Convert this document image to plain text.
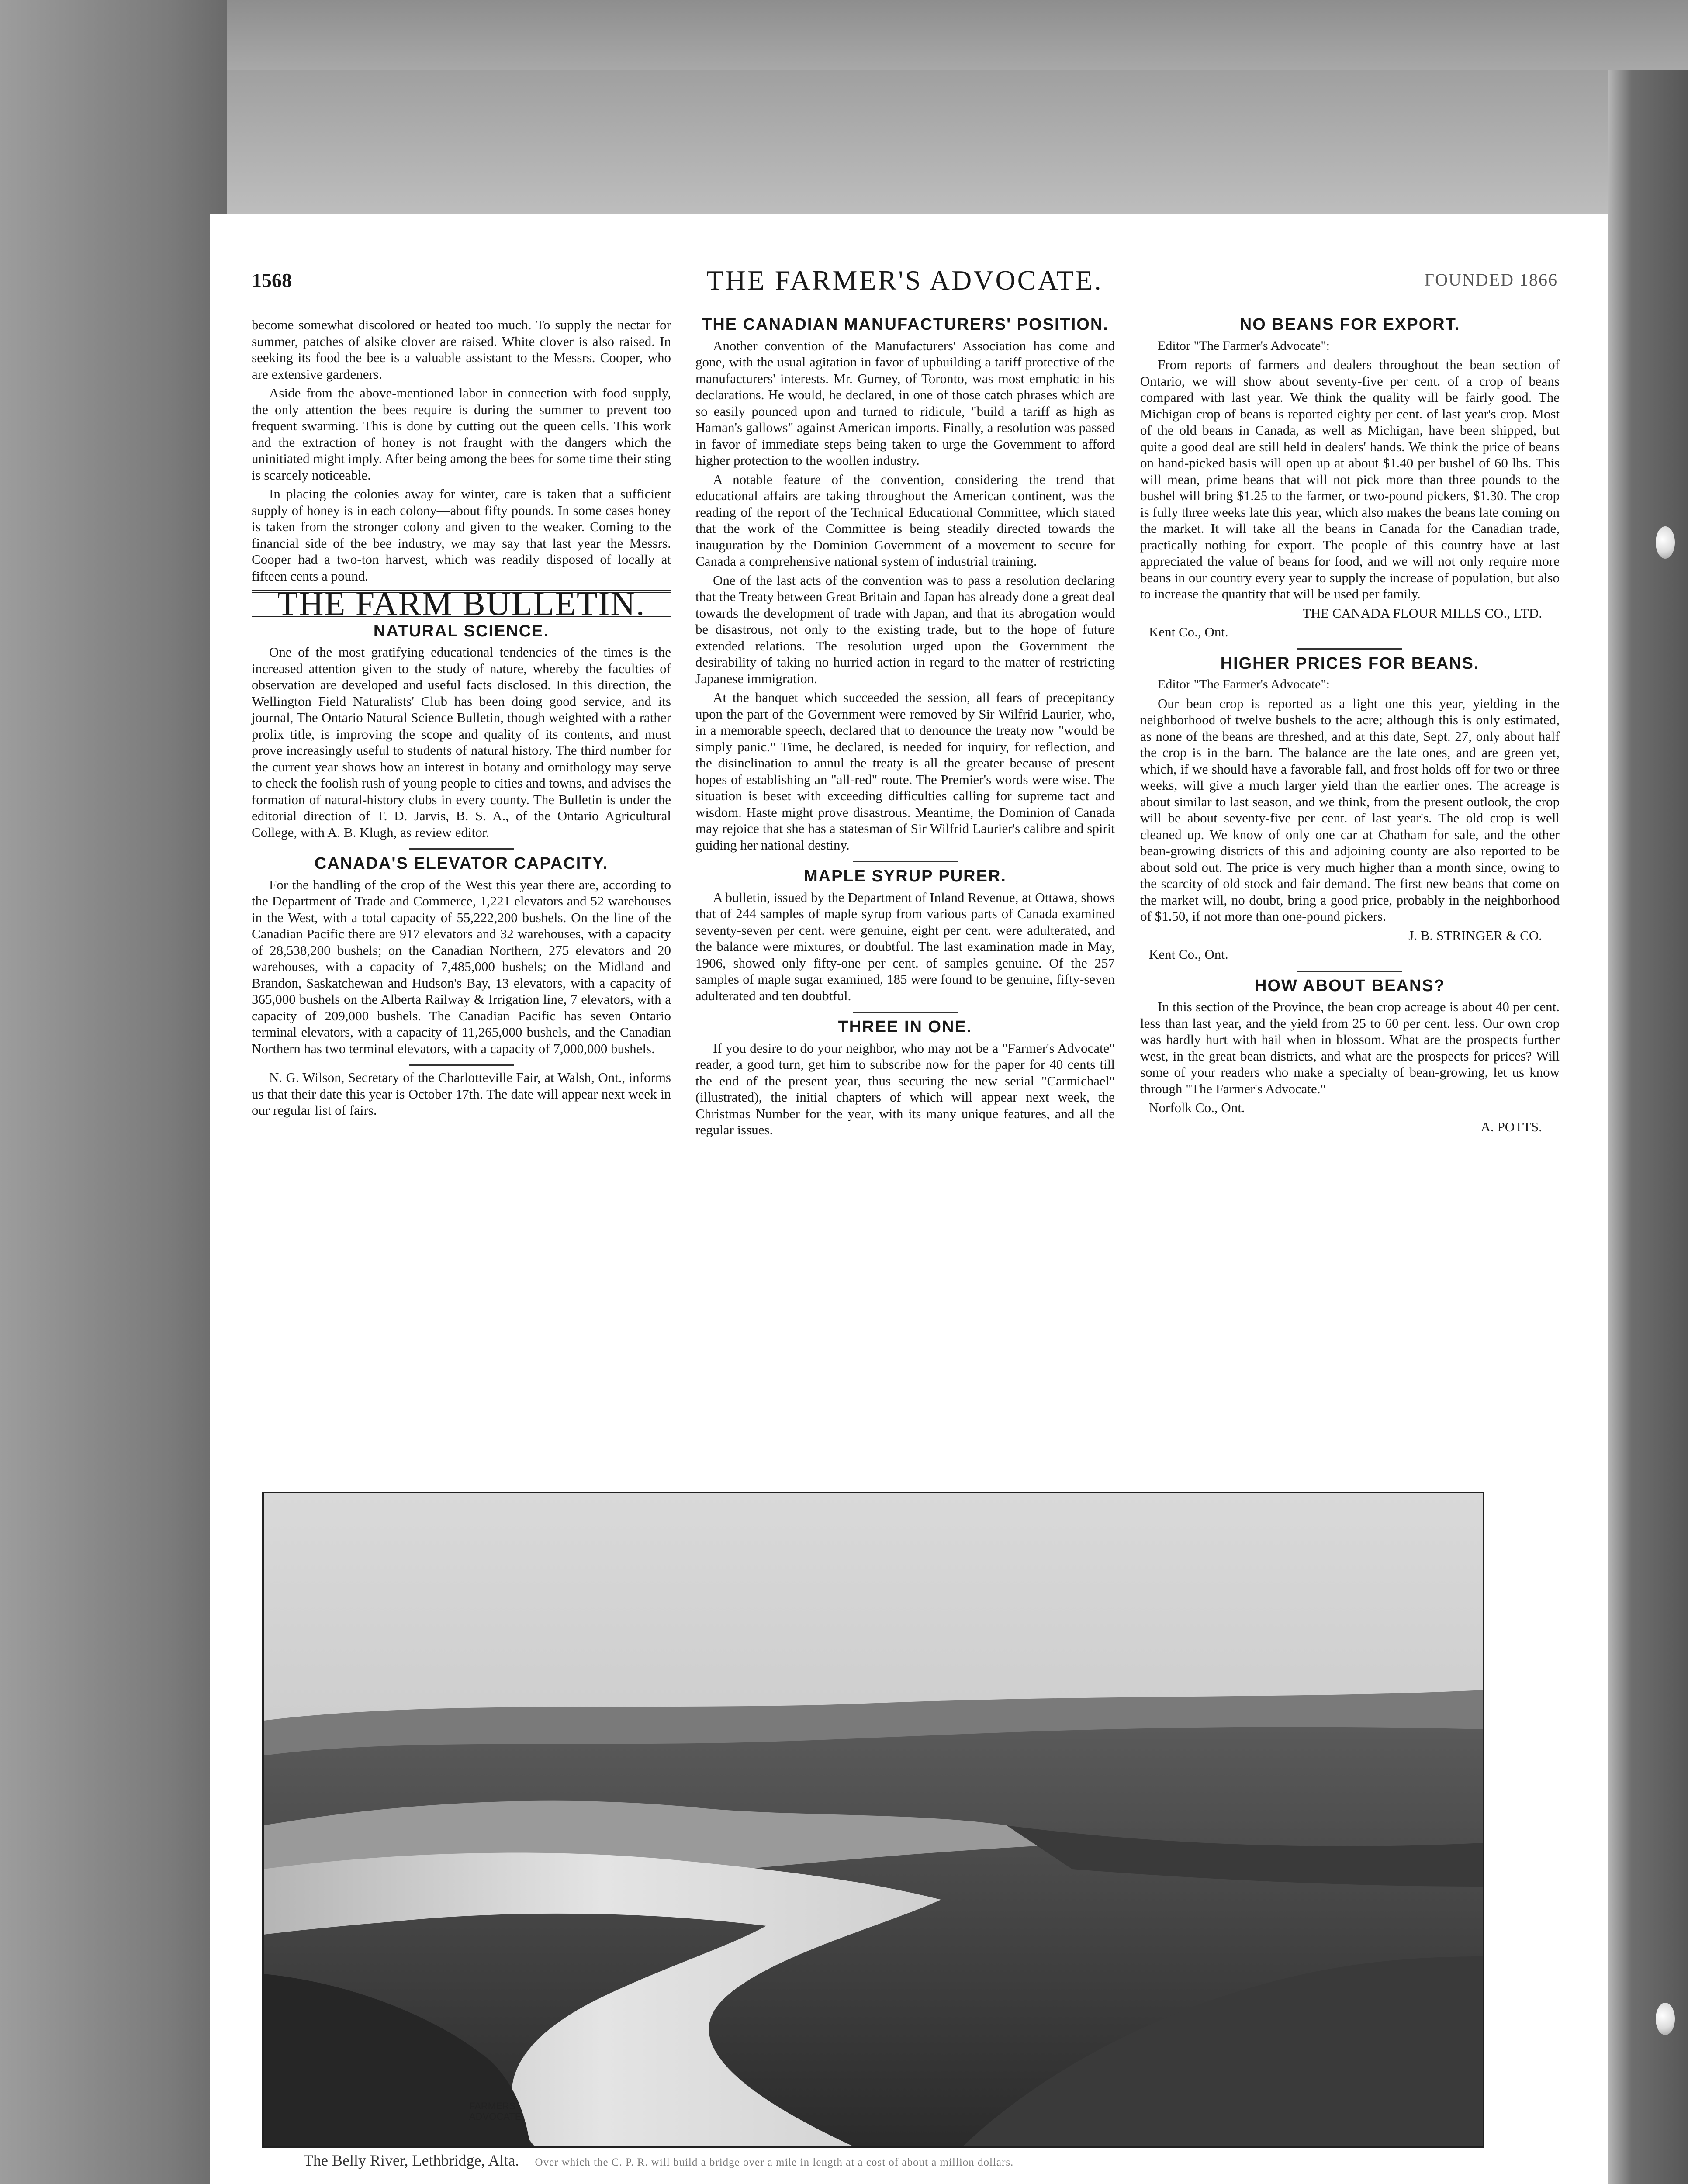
1568	THE FARMER'S ADVOCATE.	FOUNDED 1866

become somewhat discolored or heated too much. To supply the nectar for summer, patches of alsike clover are raised. White clover is also raised. In seeking its food the bee is a valuable assistant to the Messrs. Cooper, who are extensive gardeners.

Aside from the above-mentioned labor in connection with food supply, the only attention the bees require is during the summer to prevent too frequent swarming. This is done by cutting out the queen cells. This work and the extraction of honey is not fraught with the dangers which the uninitiated might imply. After being among the bees for some time their sting is scarcely noticeable.

In placing the colonies away for winter, care is taken that a sufficient supply of honey is in each colony—about fifty pounds. In some cases honey is taken from the stronger colony and given to the weaker. Coming to the financial side of the bee industry, we may say that last year the Messrs. Cooper had a two-ton harvest, which was readily disposed of locally at fifteen cents a pound.

THE FARM BULLETIN.
NATURAL SCIENCE.

One of the most gratifying educational tendencies of the times is the increased attention given to the study of nature, whereby the faculties of observation are developed and useful facts disclosed. In this direction, the Wellington Field Naturalists' Club has been doing good service, and its journal, The Ontario Natural Science Bulletin, though weighted with a rather prolix title, is improving the scope and quality of its contents, and must prove increasingly useful to students of natural history. The third number for the current year shows how an interest in botany and ornithology may serve to check the foolish rush of young people to cities and towns, and advises the formation of natural-history clubs in every county. The Bulletin is under the editorial direction of T. D. Jarvis, B. S. A., of the Ontario Agricultural College, with A. B. Klugh, as review editor.

CANADA'S ELEVATOR CAPACITY.

For the handling of the crop of the West this year there are, according to the Department of Trade and Commerce, 1,221 elevators and 52 warehouses in the West, with a total capacity of 55,222,200 bushels. On the line of the Canadian Pacific there are 917 elevators and 32 warehouses, with a capacity of 28,538,200 bushels; on the Canadian Northern, 275 elevators and 20 warehouses, with a capacity of 7,485,000 bushels; on the Midland and Brandon, Saskatchewan and Hudson's Bay, 13 elevators, with a capacity of 365,000 bushels on the Alberta Railway & Irrigation line, 7 elevators, with a capacity of 209,000 bushels. The Canadian Pacific has seven Ontario terminal elevators, with a capacity of 11,265,000 bushels, and the Canadian Northern has two terminal elevators, with a capacity of 7,000,000 bushels.

N. G. Wilson, Secretary of the Charlotteville Fair, at Walsh, Ont., informs us that their date this year is October 17th. The date will appear next week in our regular list of fairs.

THE CANADIAN MANUFACTURERS' POSITION.

Another convention of the Manufacturers' Association has come and gone, with the usual agitation in favor of upbuilding a tariff protective of the manufacturers' interests. Mr. Gurney, of Toronto, was most emphatic in his declarations. He would, he declared, in one of those catch phrases which are so easily pounced upon and turned to ridicule, "build a tariff as high as Haman's gallows" against American imports. Finally, a resolution was passed in favor of immediate steps being taken to urge the Government to afford higher protection to the woollen industry.

A notable feature of the convention, considering the trend that educational affairs are taking throughout the American continent, was the reading of the report of the Technical Educational Committee, which stated that the work of the Committee is being steadily directed towards the inauguration by the Dominion Government of a movement to secure for Canada a comprehensive national system of industrial training.

One of the last acts of the convention was to pass a resolution declaring that the Treaty between Great Britain and Japan has already done a great deal towards the development of trade with Japan, and that its abrogation would be disastrous, not only to the existing trade, but to the hope of future extended relations. The resolution urged upon the Government the desirability of taking no hurried action in regard to the matter of restricting Japanese immigration.

At the banquet which succeeded the session, all fears of precepitancy upon the part of the Government were removed by Sir Wilfrid Laurier, who, in a memorable speech, declared that to denounce the treaty now "would be simply panic." Time, he declared, is needed for inquiry, for reflection, and the disinclination to annul the treaty is all the greater because of present hopes of establishing an "all-red" route. The Premier's words were wise. The situation is beset with exceeding difficulties calling for supreme tact and wisdom. Haste might prove disastrous. Meantime, the Dominion of Canada may rejoice that she has a statesman of Sir Wilfrid Laurier's calibre and spirit guiding her national destiny.

MAPLE SYRUP PURER.

A bulletin, issued by the Department of Inland Revenue, at Ottawa, shows that of 244 samples of maple syrup from various parts of Canada examined seventy-seven per cent. were genuine, eight per cent. were adulterated, and the balance were mixtures, or doubtful. The last examination made in May, 1906, showed only fifty-one per cent. of samples genuine. Of the 257 samples of maple sugar examined, 185 were found to be genuine, fifty-seven adulterated and ten doubtful.

THREE IN ONE.

If you desire to do your neighbor, who may not be a "Farmer's Advocate" reader, a good turn, get him to subscribe now for the paper for 40 cents till the end of the present year, thus securing the new serial "Carmichael" (illustrated), the initial chapters of which will appear next week, the Christmas Number for the year, with its many unique features, and all the regular issues.

NO BEANS FOR EXPORT.

Editor "The Farmer's Advocate":

From reports of farmers and dealers throughout the bean section of Ontario, we will show about seventy-five per cent. of a crop of beans compared with last year. We think the quality will be fairly good. The Michigan crop of beans is reported eighty per cent. of last year's crop. Most of the old beans in Canada, as well as Michigan, have been shipped, but quite a good deal are still held in dealers' hands. We think the price of beans on hand-picked basis will open up at about $1.40 per bushel of 60 lbs. This will mean, prime beans that will not pick more than three pounds to the bushel will bring $1.25 to the farmer, or two-pound pickers, $1.30. The crop is fully three weeks late this year, which also makes the beans late coming on the market. It will take all the beans in Canada for the Canadian trade, practically nothing for export. The people of this country have at last appreciated the value of beans for food, and we will not only require more beans in our country every year to supply the increase of population, but also to increase the quantity that will be used per family.

THE CANADA FLOUR MILLS CO., LTD.

Kent Co., Ont.

HIGHER PRICES FOR BEANS.

Editor "The Farmer's Advocate":

Our bean crop is reported as a light one this year, yielding in the neighborhood of twelve bushels to the acre; although this is only estimated, as none of the beans are threshed, and at this date, Sept. 27, only about half the crop is in the barn. The balance are the late ones, and are green yet, which, if we should have a favorable fall, and frost holds off for two or three weeks, will give a much larger yield than the earlier ones. The acreage is about similar to last season, and we think, from the present outlook, the crop will be about seventy-five per cent. of last year's. The old crop is well cleaned up. We know of only one car at Chatham for sale, and the other bean-growing districts of this and adjoining county are also reported to be about sold out. The price is very much higher than a month since, owing to the scarcity of old stock and fair demand. The first new beans that come on the market will, no doubt, bring a good price, probably in the neighborhood of $1.50, if not more than one-pound pickers.

J. B. STRINGER & CO.

Kent Co., Ont.

HOW ABOUT BEANS?

In this section of the Province, the bean crop acreage is about 40 per cent. less than last year, and the yield from 25 to 60 per cent. less. Our own crop was hardly hurt with hail when in blossom. What are the prospects further west, in the great bean districts, and what are the prospects for prices? Will some of your readers who make a specialty of bean-growing, let us know through "The Farmer's Advocate."

Norfolk Co., Ont.

A. POTTS.

FARMERS
ADVOCATE
The Belly River, Lethbridge, Alta. Over which the C. P. R. will build a bridge over a mile in length at a cost of about a million dollars.
